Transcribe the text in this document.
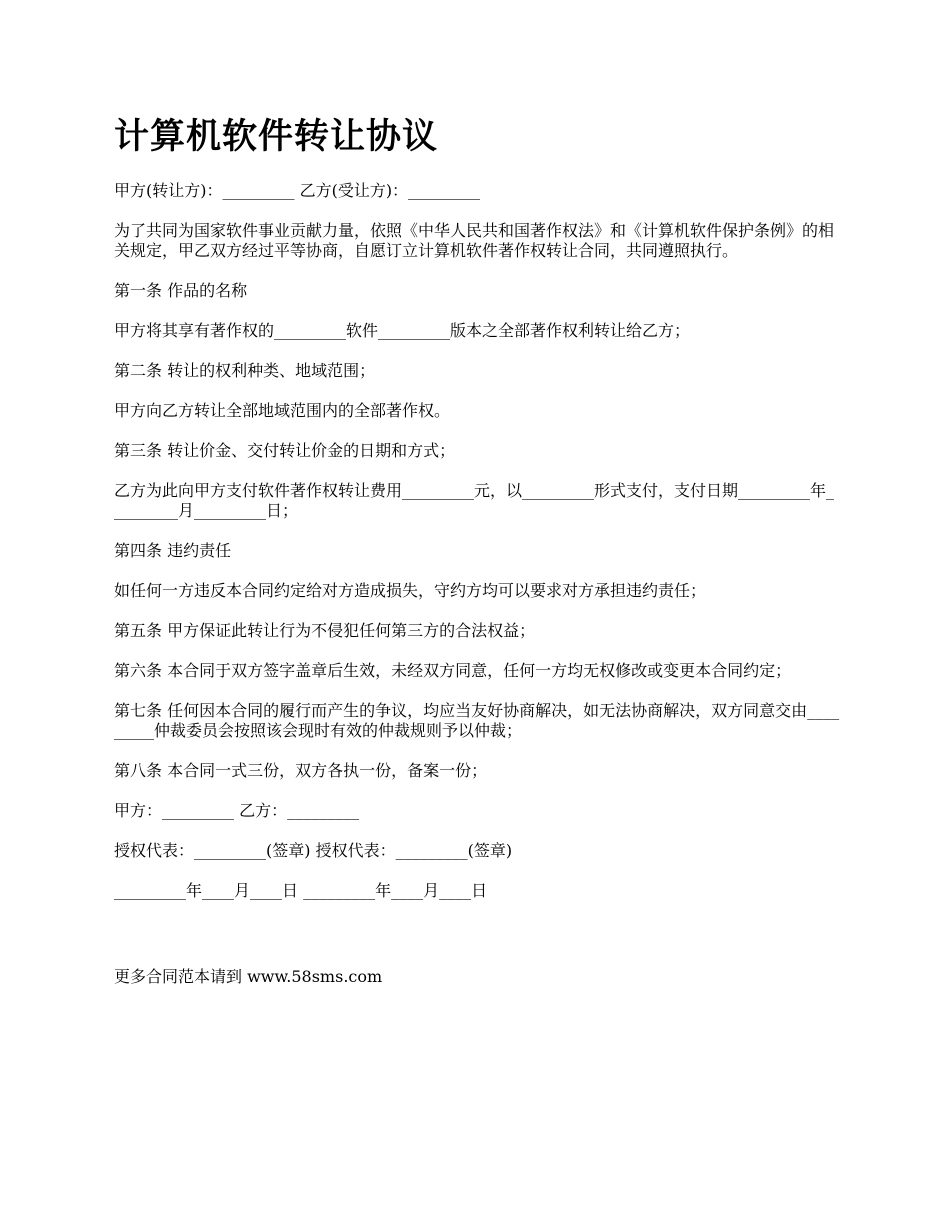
计算机软件转让协议

甲方(转让方)：_________ 乙方(受让方)：_________

为了共同为国家软件事业贡献力量，依照《中华人民共和国著作权法》和《计算机软件保护条例》的相关规定，甲乙双方经过平等协商，自愿订立计算机软件著作权转让合同，共同遵照执行。

第一条 作品的名称

甲方将其享有著作权的_________软件_________版本之全部著作权利转让给乙方；

第二条 转让的权利种类、地域范围；

甲方向乙方转让全部地域范围内的全部著作权。

第三条 转让价金、交付转让价金的日期和方式；

乙方为此向甲方支付软件著作权转让费用_________元，以_________形式支付，支付日期_________年_________月_________日；

第四条 违约责任

如任何一方违反本合同约定给对方造成损失，守约方均可以要求对方承担违约责任；

第五条 甲方保证此转让行为不侵犯任何第三方的合法权益；

第六条 本合同于双方签字盖章后生效，未经双方同意，任何一方均无权修改或变更本合同约定；

第七条 任何因本合同的履行而产生的争议，均应当友好协商解决，如无法协商解决，双方同意交由_________仲裁委员会按照该会现时有效的仲裁规则予以仲裁；

第八条 本合同一式三份，双方各执一份，备案一份；

甲方：_________ 乙方：_________

授权代表：_________(签章) 授权代表：_________(签章)

_________年____月____日 _________年____月____日

更多合同范本请到 www.58sms.com
